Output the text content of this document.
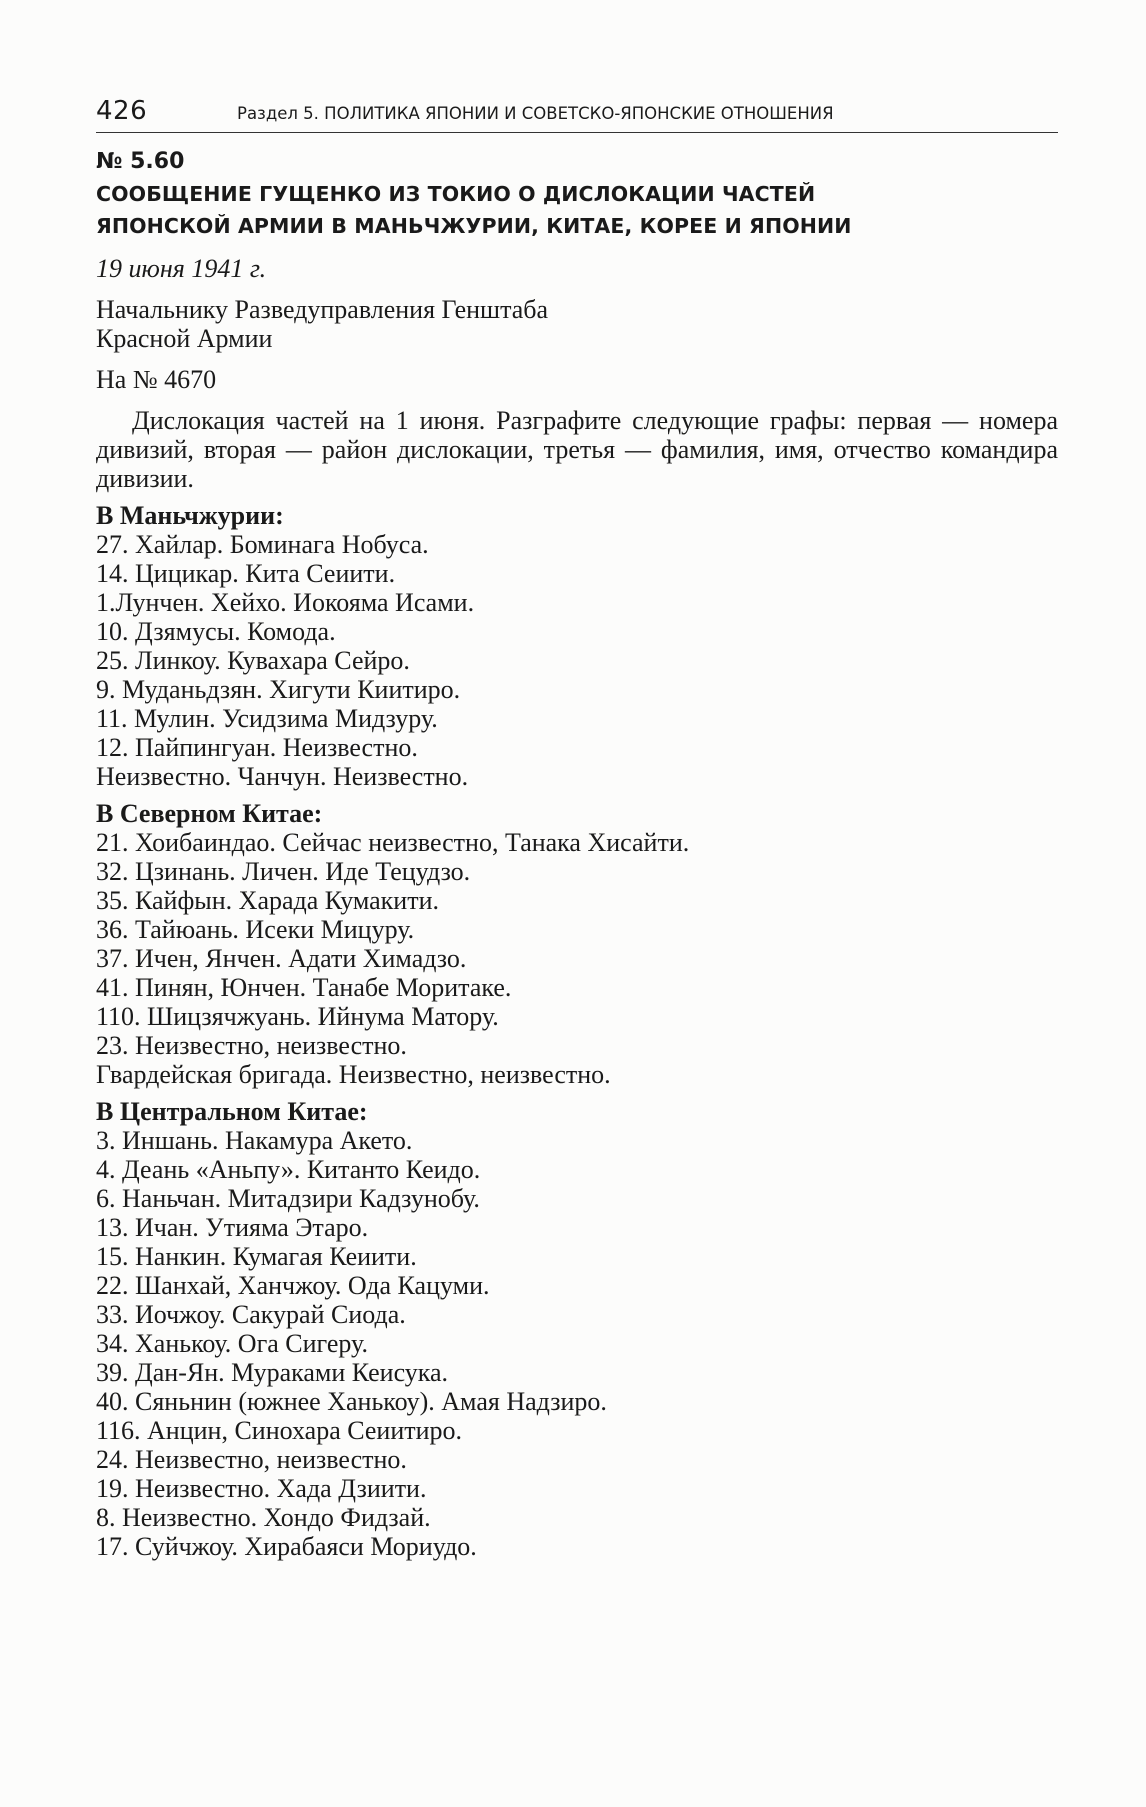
426	Раздел 5. ПОЛИТИКА ЯПОНИИ И СОВЕТСКО-ЯПОНСКИЕ ОТНОШЕНИЯ
№ 5.60
СООБЩЕНИЕ ГУЩЕНКО ИЗ ТОКИО О ДИСЛОКАЦИИ ЧАСТЕЙ
ЯПОНСКОЙ АРМИИ В МАНЬЧЖУРИИ, КИТАЕ, КОРЕЕ И ЯПОНИИ

19 июня 1941 г.

Начальнику Разведуправления Генштаба
Красной Армии

На № 4670

Дислокация частей на 1 июня. Разграфите следующие графы: первая — номера дивизий, вторая — район дислокации, третья — фамилия, имя, отчество командира дивизии.

В Маньчжурии:

27. Хайлар. Боминага Нобуса.
14. Цицикар. Кита Сеиити.
1.Лунчен. Хейхо. Иокояма Исами.
10. Дзямусы. Комода.
25. Линкоу. Кувахара Сейро.
9. Муданьдзян. Хигути Киитиро.
11. Мулин. Усидзима Мидзуру.
12. Пайпингуан. Неизвестно.
Неизвестно. Чанчун. Неизвестно.

В Северном Китае:

21. Хоибаиндао. Сейчас неизвестно, Танака Хисайти.
32. Цзинань. Личен. Иде Тецудзо.
35. Кайфын. Харада Кумакити.
36. Тайюань. Исеки Мицуру.
37. Ичен, Янчен. Адати Химадзо.
41. Пинян, Юнчен. Танабе Моритаке.
110. Шицзячжуань. Ийнума Матору.
23. Неизвестно, неизвестно.
Гвардейская бригада. Неизвестно, неизвестно.

В Центральном Китае:

3. Иншань. Накамура Акето.
4. Деань «Аньпу». Китанто Кеидо.
6. Наньчан. Митадзири Кадзунобу.
13. Ичан. Утияма Этаро.
15. Нанкин. Кумагая Кеиити.
22. Шанхай, Ханчжоу. Ода Кацуми.
33. Иочжоу. Сакурай Сиода.
34. Ханькоу. Ога Сигеру.
39. Дан-Ян. Мураками Кеисука.
40. Сяньнин (южнее Ханькоу). Амая Надзиро.
116. Анцин, Синохара Сеиитиро.
24. Неизвестно, неизвестно.
19. Неизвестно. Хада Дзиити.
8. Неизвестно. Хондо Фидзай.
17. Суйчжоу. Хирабаяси Мориудо.
